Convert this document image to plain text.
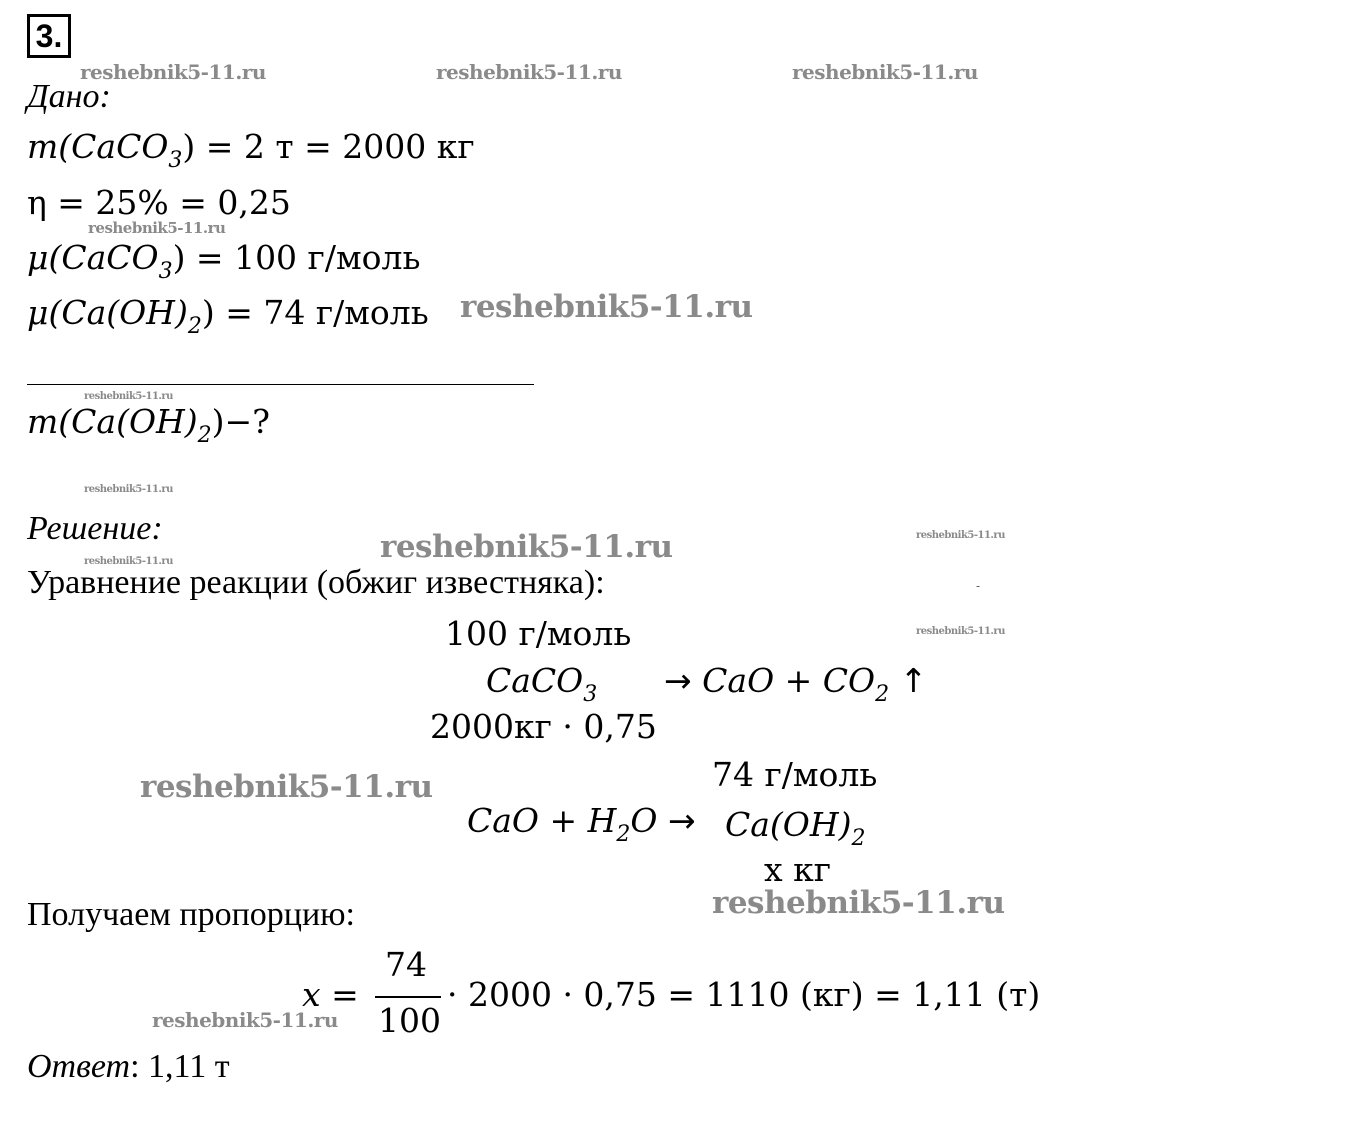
3.
reshebnik5-11.ru	reshebnik5-11.ru	reshebnik5-11.ru
reshebnik5-11.ru
reshebnik5-11.ru
reshebnik5-11.ru
reshebnik5-11.ru
reshebnik5-11.ru	reshebnik5-11.ru
reshebnik5-11.ru
reshebnik5-11.ru
reshebnik5-11.ru
reshebnik5-11.ru
reshebnik5-11.ru
Дано:
m(CaCO$_3$) = 2 т = 2000 кг
η = 25% = 0,25
μ(CaCO$_3$) = 100 г/моль
$\mu(Ca(OH)_2) = 74$ г/моль
$m(Ca(OH)_2)-$?
Решение:
Уравнение реакции (обжиг известняка):	-
100 г/моль
CaCO$_3$ → CaO + $CO_2$ ↑
2000кг · 0,75
74 г/моль
CaO + $H_2O \to Ca(OH)_2$
x кг
Получаем пропорцию:
x =
74
100
· 2000 · 0,75 = 1110 (кг) = 1,11 (т)
Ответ: 1,11 т
